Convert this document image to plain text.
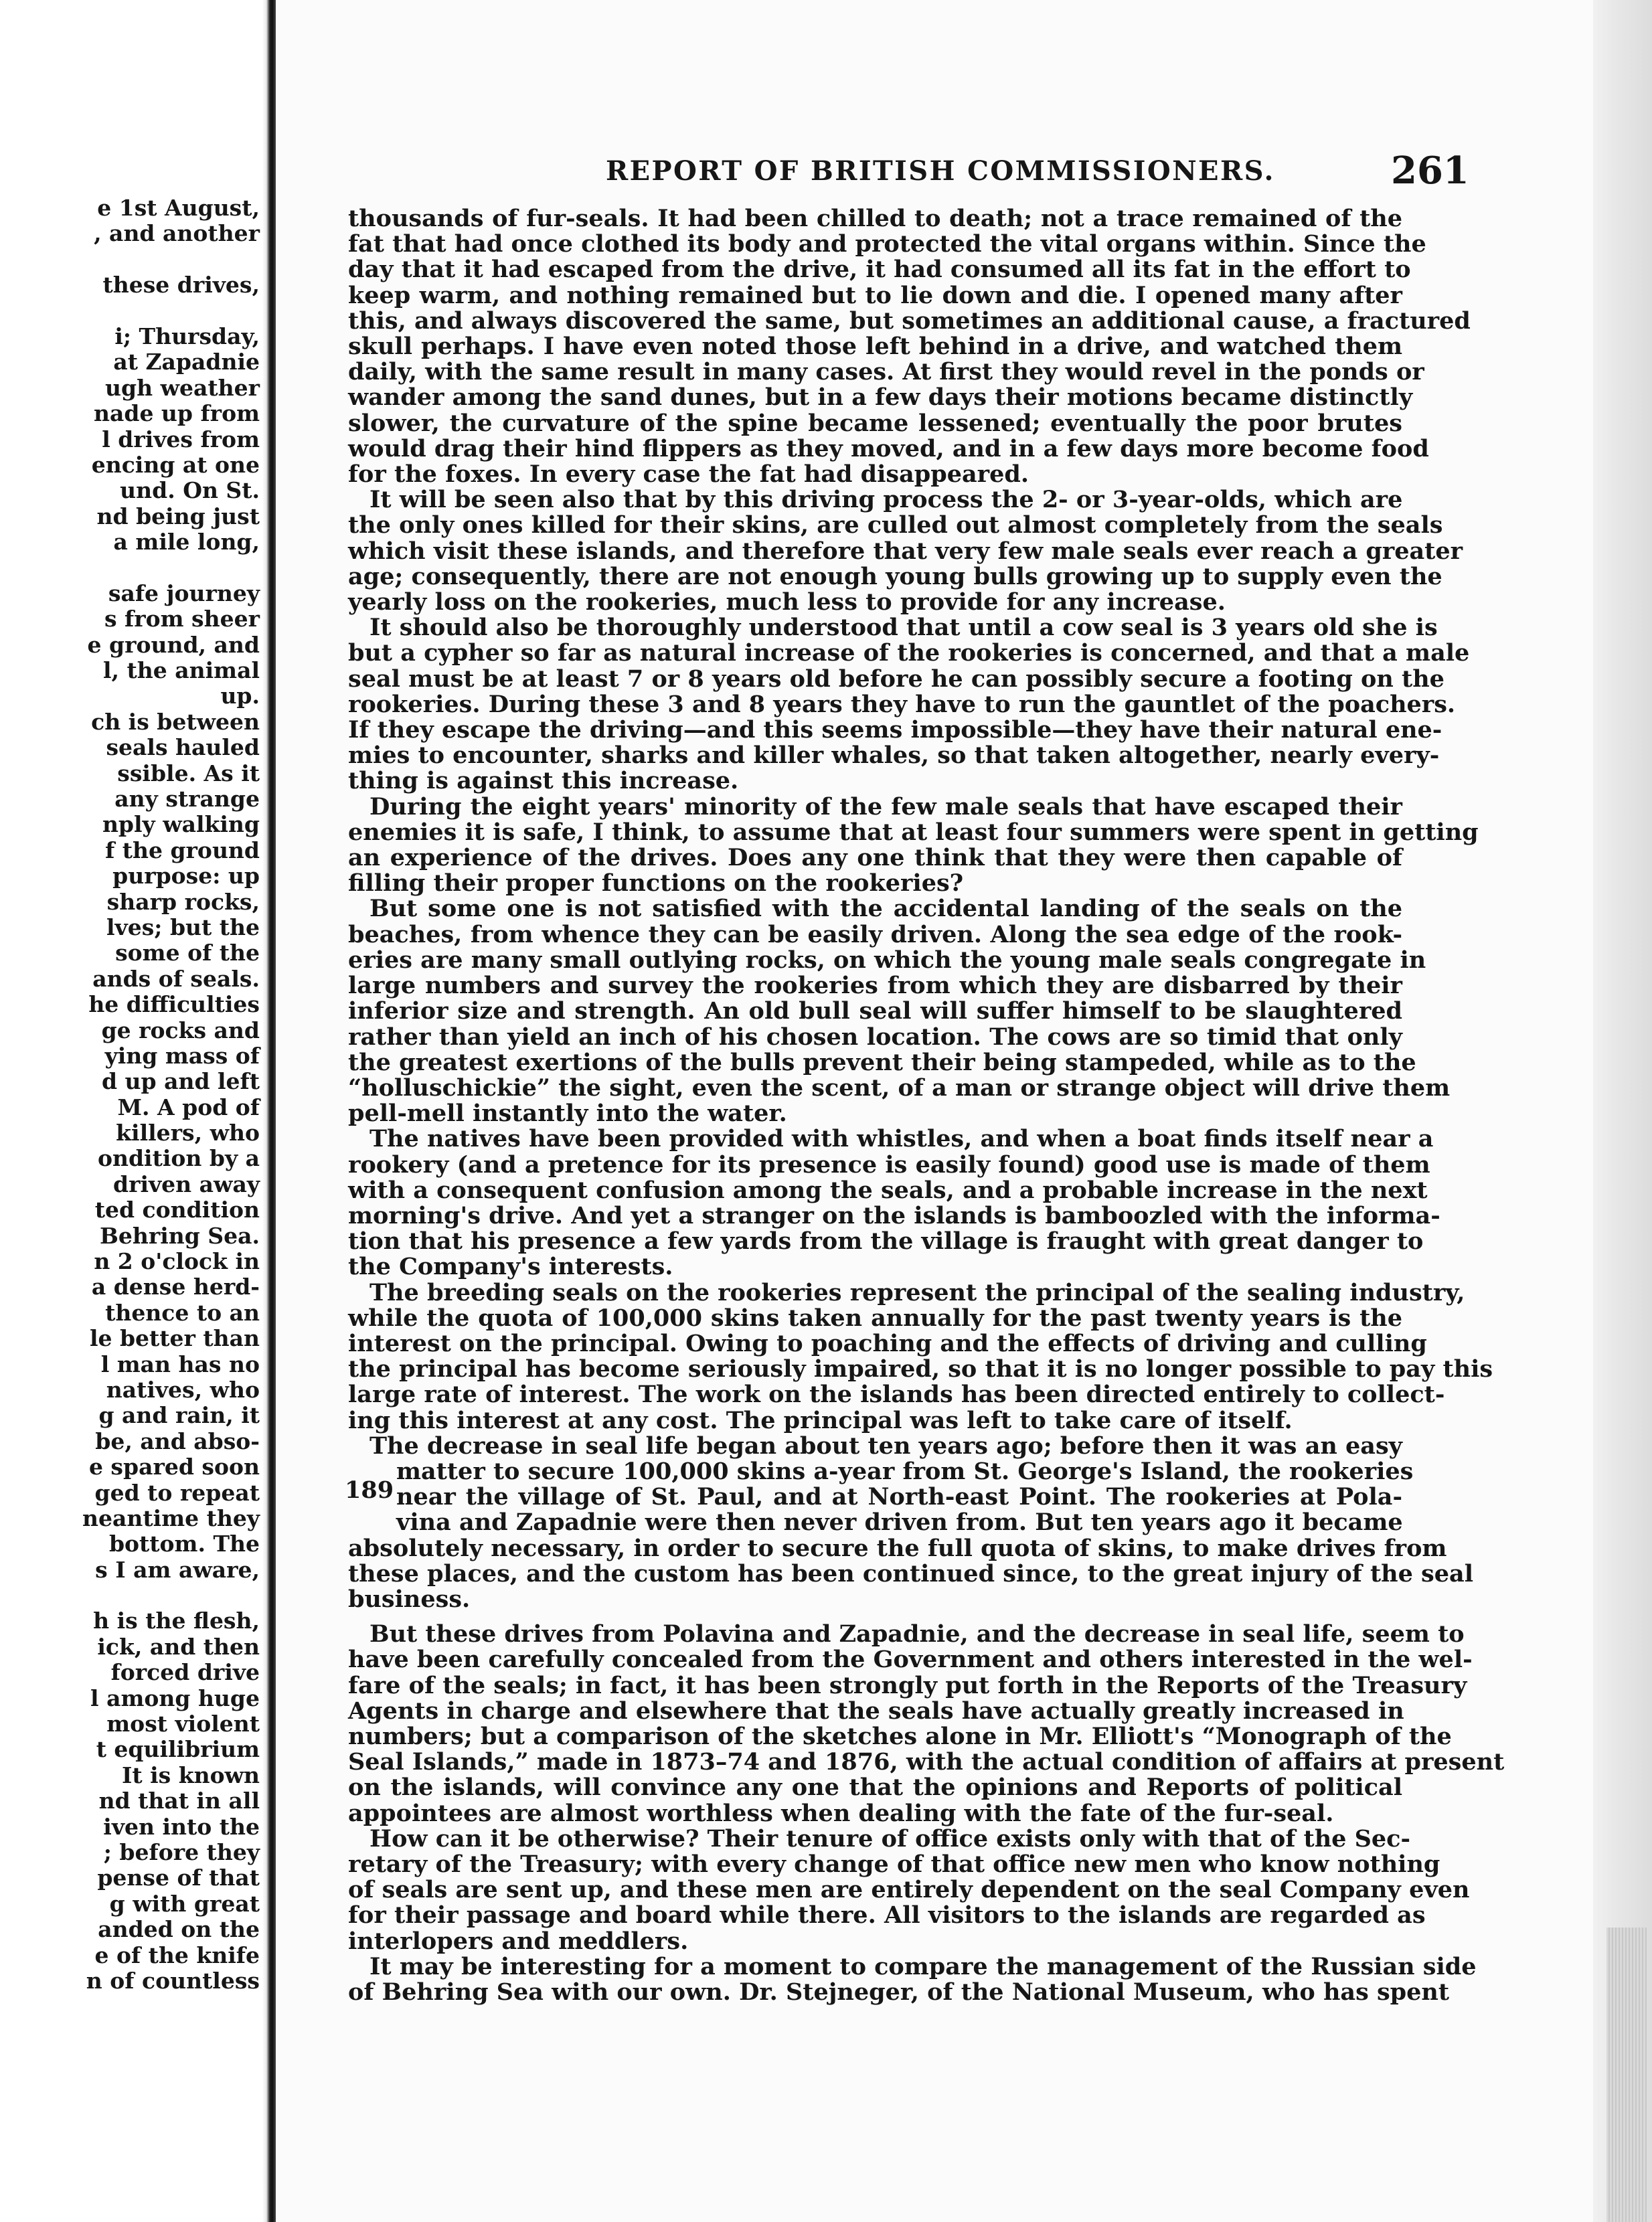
e 1st August,
, and another
these drives,
i; Thursday,
at Zapadnie
ugh weather
nade up from
l drives from
encing at one
und. On St.
nd being just
a mile long,
safe journey
s from sheer
e ground, and
l, the animal
up.
ch is between
seals hauled
ssible. As it
any strange
nply walking
f the ground
purpose: up
sharp rocks,
lves; but the
some of the
ands of seals.
he difficulties
ge rocks and
ying mass of
d up and left
M. A pod of
killers, who
ondition by a
driven away
ted condition
Behring Sea.
n 2 o'clock in
a dense herd-
thence to an
le better than
l man has no
natives, who
g and rain, it
be, and abso-
e spared soon
ged to repeat
neantime they
bottom. The
s I am aware,
h is the flesh,
ick, and then
forced drive
l among huge
most violent
t equilibrium
It is known
nd that in all
iven into the
; before they
pense of that
g with great
anded on the
e of the knife
n of countless
REPORT OF BRITISH COMMISSIONERS.	261
189
thousands of fur-seals. It had been chilled to death; not a trace remained of the
fat that had once clothed its body and protected the vital organs within. Since the
day that it had escaped from the drive, it had consumed all its fat in the effort to
keep warm, and nothing remained but to lie down and die. I opened many after
this, and always discovered the same, but sometimes an additional cause, a fractured
skull perhaps. I have even noted those left behind in a drive, and watched them
daily, with the same result in many cases. At first they would revel in the ponds or
wander among the sand dunes, but in a few days their motions became distinctly
slower, the curvature of the spine became lessened; eventually the poor brutes
would drag their hind flippers as they moved, and in a few days more become food
for the foxes. In every case the fat had disappeared.
It will be seen also that by this driving process the 2- or 3-year-olds, which are
the only ones killed for their skins, are culled out almost completely from the seals
which visit these islands, and therefore that very few male seals ever reach a greater
age; consequently, there are not enough young bulls growing up to supply even the
yearly loss on the rookeries, much less to provide for any increase.
It should also be thoroughly understood that until a cow seal is 3 years old she is
but a cypher so far as natural increase of the rookeries is concerned, and that a male
seal must be at least 7 or 8 years old before he can possibly secure a footing on the
rookeries. During these 3 and 8 years they have to run the gauntlet of the poachers.
If they escape the driving—and this seems impossible—they have their natural ene-
mies to encounter, sharks and killer whales, so that taken altogether, nearly every-
thing is against this increase.
During the eight years' minority of the few male seals that have escaped their
enemies it is safe, I think, to assume that at least four summers were spent in getting
an experience of the drives. Does any one think that they were then capable of
filling their proper functions on the rookeries?
But some one is not satisfied with the accidental landing of the seals on the
beaches, from whence they can be easily driven. Along the sea edge of the rook-
eries are many small outlying rocks, on which the young male seals congregate in
large numbers and survey the rookeries from which they are disbarred by their
inferior size and strength. An old bull seal will suffer himself to be slaughtered
rather than yield an inch of his chosen location. The cows are so timid that only
the greatest exertions of the bulls prevent their being stampeded, while as to the
“holluschickie” the sight, even the scent, of a man or strange object will drive them
pell-mell instantly into the water.
The natives have been provided with whistles, and when a boat finds itself near a
rookery (and a pretence for its presence is easily found) good use is made of them
with a consequent confusion among the seals, and a probable increase in the next
morning's drive. And yet a stranger on the islands is bamboozled with the informa-
tion that his presence a few yards from the village is fraught with great danger to
the Company's interests.
The breeding seals on the rookeries represent the principal of the sealing industry,
while the quota of 100,000 skins taken annually for the past twenty years is the
interest on the principal. Owing to poaching and the effects of driving and culling
the principal has become seriously impaired, so that it is no longer possible to pay this
large rate of interest. The work on the islands has been directed entirely to collect-
ing this interest at any cost. The principal was left to take care of itself.
The decrease in seal life began about ten years ago; before then it was an easy
matter to secure 100,000 skins a-year from St. George's Island, the rookeries
near the village of St. Paul, and at North-east Point. The rookeries at Pola-
vina and Zapadnie were then never driven from. But ten years ago it became
absolutely necessary, in order to secure the full quota of skins, to make drives from
these places, and the custom has been continued since, to the great injury of the seal
business.
But these drives from Polavina and Zapadnie, and the decrease in seal life, seem to
have been carefully concealed from the Government and others interested in the wel-
fare of the seals; in fact, it has been strongly put forth in the Reports of the Treasury
Agents in charge and elsewhere that the seals have actually greatly increased in
numbers; but a comparison of the sketches alone in Mr. Elliott's “Monograph of the
Seal Islands,” made in 1873–74 and 1876, with the actual condition of affairs at present
on the islands, will convince any one that the opinions and Reports of political
appointees are almost worthless when dealing with the fate of the fur-seal.
How can it be otherwise? Their tenure of office exists only with that of the Sec-
retary of the Treasury; with every change of that office new men who know nothing
of seals are sent up, and these men are entirely dependent on the seal Company even
for their passage and board while there. All visitors to the islands are regarded as
interlopers and meddlers.
It may be interesting for a moment to compare the management of the Russian side
of Behring Sea with our own. Dr. Stejneger, of the National Museum, who has spent
